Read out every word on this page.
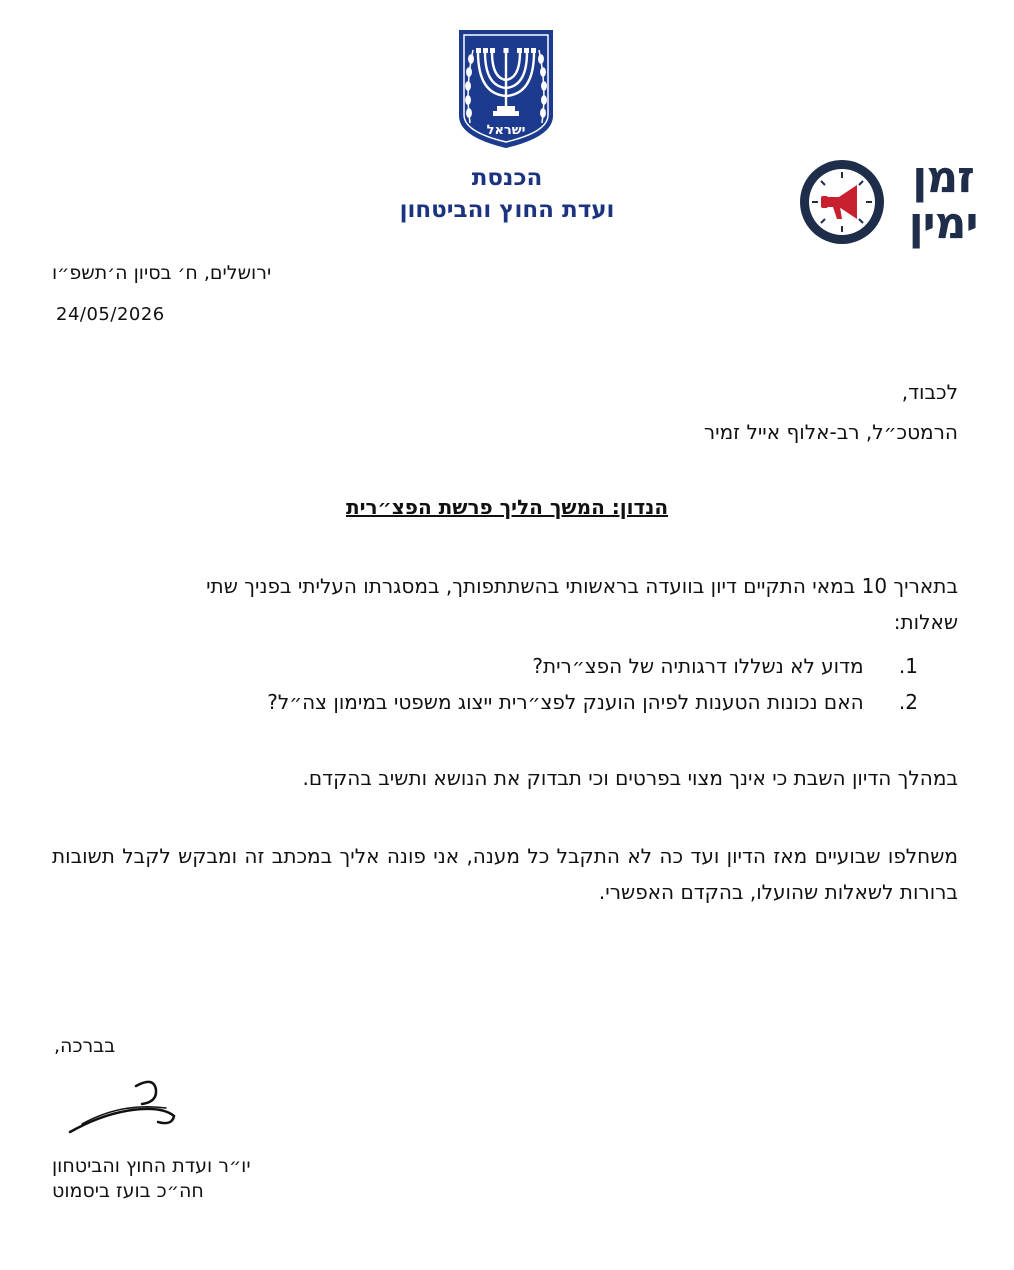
ישראל
הכנסת
ועדת החוץ והביטחון
זמן
ימין
ירושלים, ח׳ בסיון ה׳תשפ״ו
24/05/2026
לכבוד,
הרמטכ״ל, רב-אלוף אייל זמיר
הנדון: המשך הליך פרשת הפצ״רית
בתאריך 10 במאי התקיים דיון בוועדה בראשותי בהשתתפותך, במסגרתו העליתי בפניך שתי
שאלות:
1. מדוע לא נשללו דרגותיה של הפצ״רית?
2. האם נכונות הטענות לפיהן הוענק לפצ״רית ייצוג משפטי במימון צה״ל?
במהלך הדיון השבת כי אינך מצוי בפרטים וכי תבדוק את הנושא ותשיב בהקדם.
משחלפו שבועיים מאז הדיון ועד כה לא התקבל כל מענה, אני פונה אליך במכתב זה ומבקש לקבל תשובות ברורות לשאלות שהועלו, בהקדם האפשרי.
בברכה,
יו״ר ועדת החוץ והביטחון
חה״כ בועז ביסמוט
